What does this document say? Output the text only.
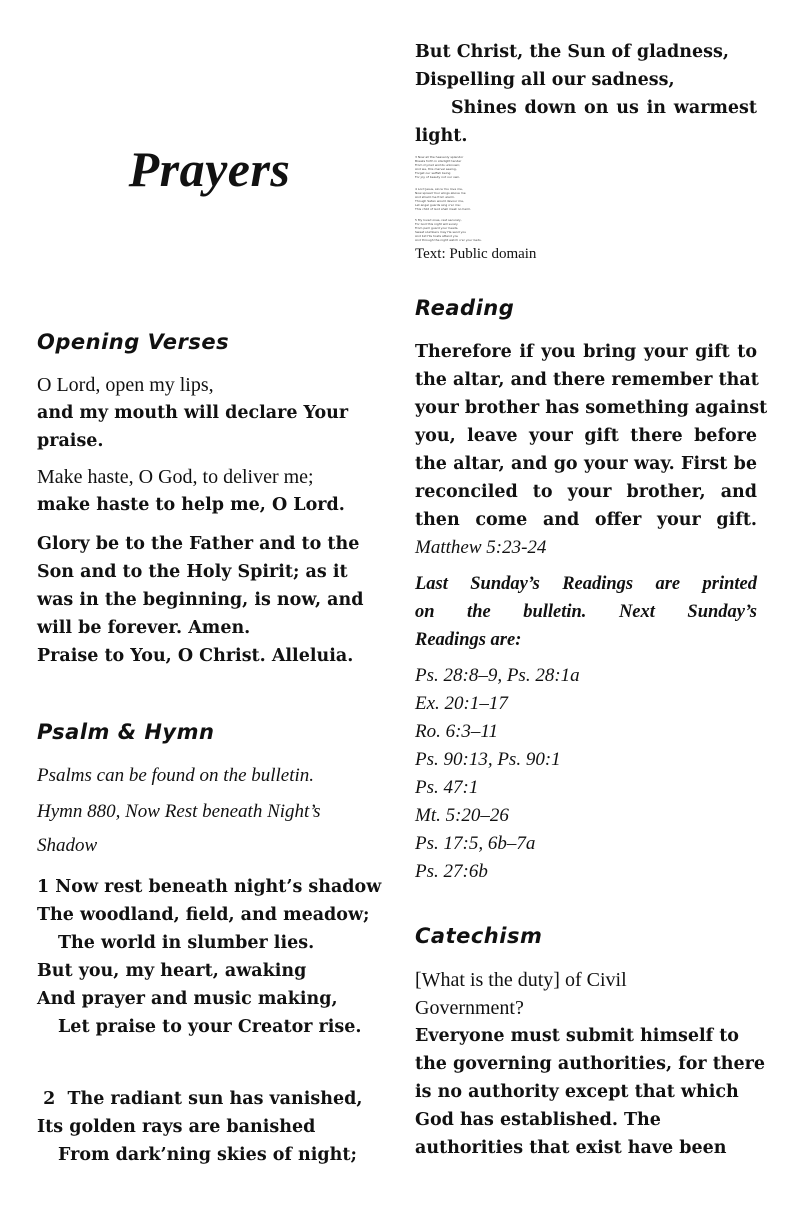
Prayers
Opening Verses
O Lord, open my lips,
and my mouth will declare Your
praise.
Make haste, O God, to deliver me;
make haste to help me, O Lord.
Glory be to the Father and to the
Son and to the Holy Spirit; as it
was in the beginning, is now, and
will be forever. Amen.
Praise to You, O Christ. Alleluia.
Psalm & Hymn
Psalms can be found on the bulletin.
Hymn 880, Now Rest beneath Night’s
Shadow
1 Now rest beneath night’s shadow
The woodland, field, and meadow;
The world in slumber lies.
But you, my heart, awaking
And prayer and music making,
Let praise to your Creator rise.
2  The radiant sun has vanished,
Its golden rays are banished
From dark’ning skies of night;
But Christ, the Sun of gladness,
Dispelling all our sadness,
Shines down on us in warmest
light.
3 Now all the heavenly splendor
Breaks forth in starlight tender
From myriad worlds unknown;
And we, this marvel seeing,
Forget our selfish being
For joy of beauty not our own.
4 Lord Jesus, since You love me,
Now spread Your wings above me
And shield me from alarm.
Though Satan would devour me,
Let angel guards sing o'er me:
This child of God shall meet no harm.
5 My loved ones, rest securely,
For God this night will surely
From peril guard your heads.
Sweet slumbers may He send you
And bid His hosts attend you
And through the night watch o'er your beds.
Text: Public domain
Reading
Therefore if you bring your gift to
the altar, and there remember that
your brother has something against
you, leave your gift there before
the altar, and go your way. First be
reconciled to your brother, and
then come and offer your gift.
Matthew 5:23-24
Last Sunday’s Readings are printed
on the bulletin. Next Sunday’s
Readings are:
Ps. 28:8–9, Ps. 28:1a
Ex. 20:1–17
Ro. 6:3–11
Ps. 90:13, Ps. 90:1
Ps. 47:1
Mt. 5:20–26
Ps. 17:5, 6b–7a
Ps. 27:6b
Catechism
[What is the duty] of Civil
Government?
Everyone must submit himself to
the governing authorities, for there
is no authority except that which
God has established. The
authorities that exist have been
